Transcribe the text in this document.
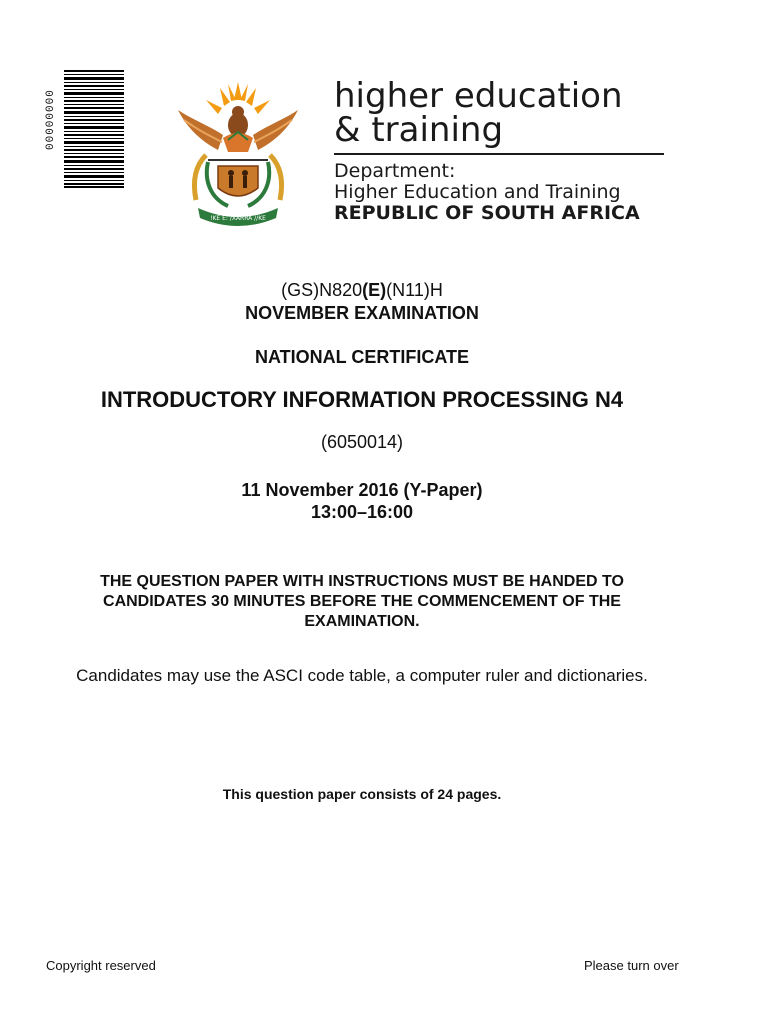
00000000
!KE E: /XARRA //KE
higher education
& training
Department:
Higher Education and Training
REPUBLIC OF SOUTH AFRICA
(GS)N820(E)(N11)H
NOVEMBER EXAMINATION
NATIONAL CERTIFICATE
INTRODUCTORY INFORMATION PROCESSING N4
(6050014)
11 November 2016 (Y-Paper)
13:00–16:00
THE QUESTION PAPER WITH INSTRUCTIONS MUST BE HANDED TO
CANDIDATES 30 MINUTES BEFORE THE COMMENCEMENT OF THE
EXAMINATION.
Candidates may use the ASCI code table, a computer ruler and dictionaries.
This question paper consists of 24 pages.
Copyright reserved	Please turn over
